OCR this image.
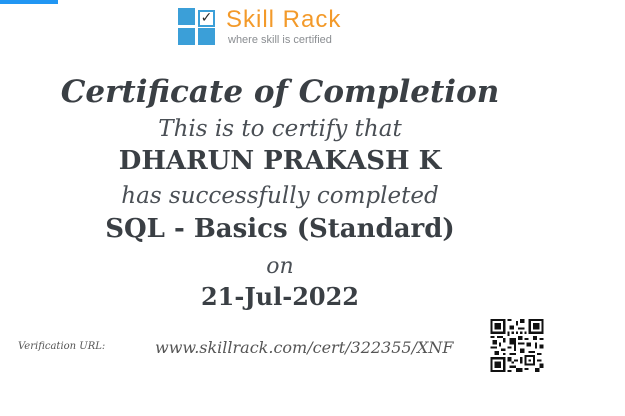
✓ Skill Rack
where skill is certified
Certificate of Completion
This is to certify that
DHARUN PRAKASH K
has successfully completed
SQL - Basics (Standard)
on
21-Jul-2022
Verification URL:	www.skillrack.com/cert/322355/XNF
